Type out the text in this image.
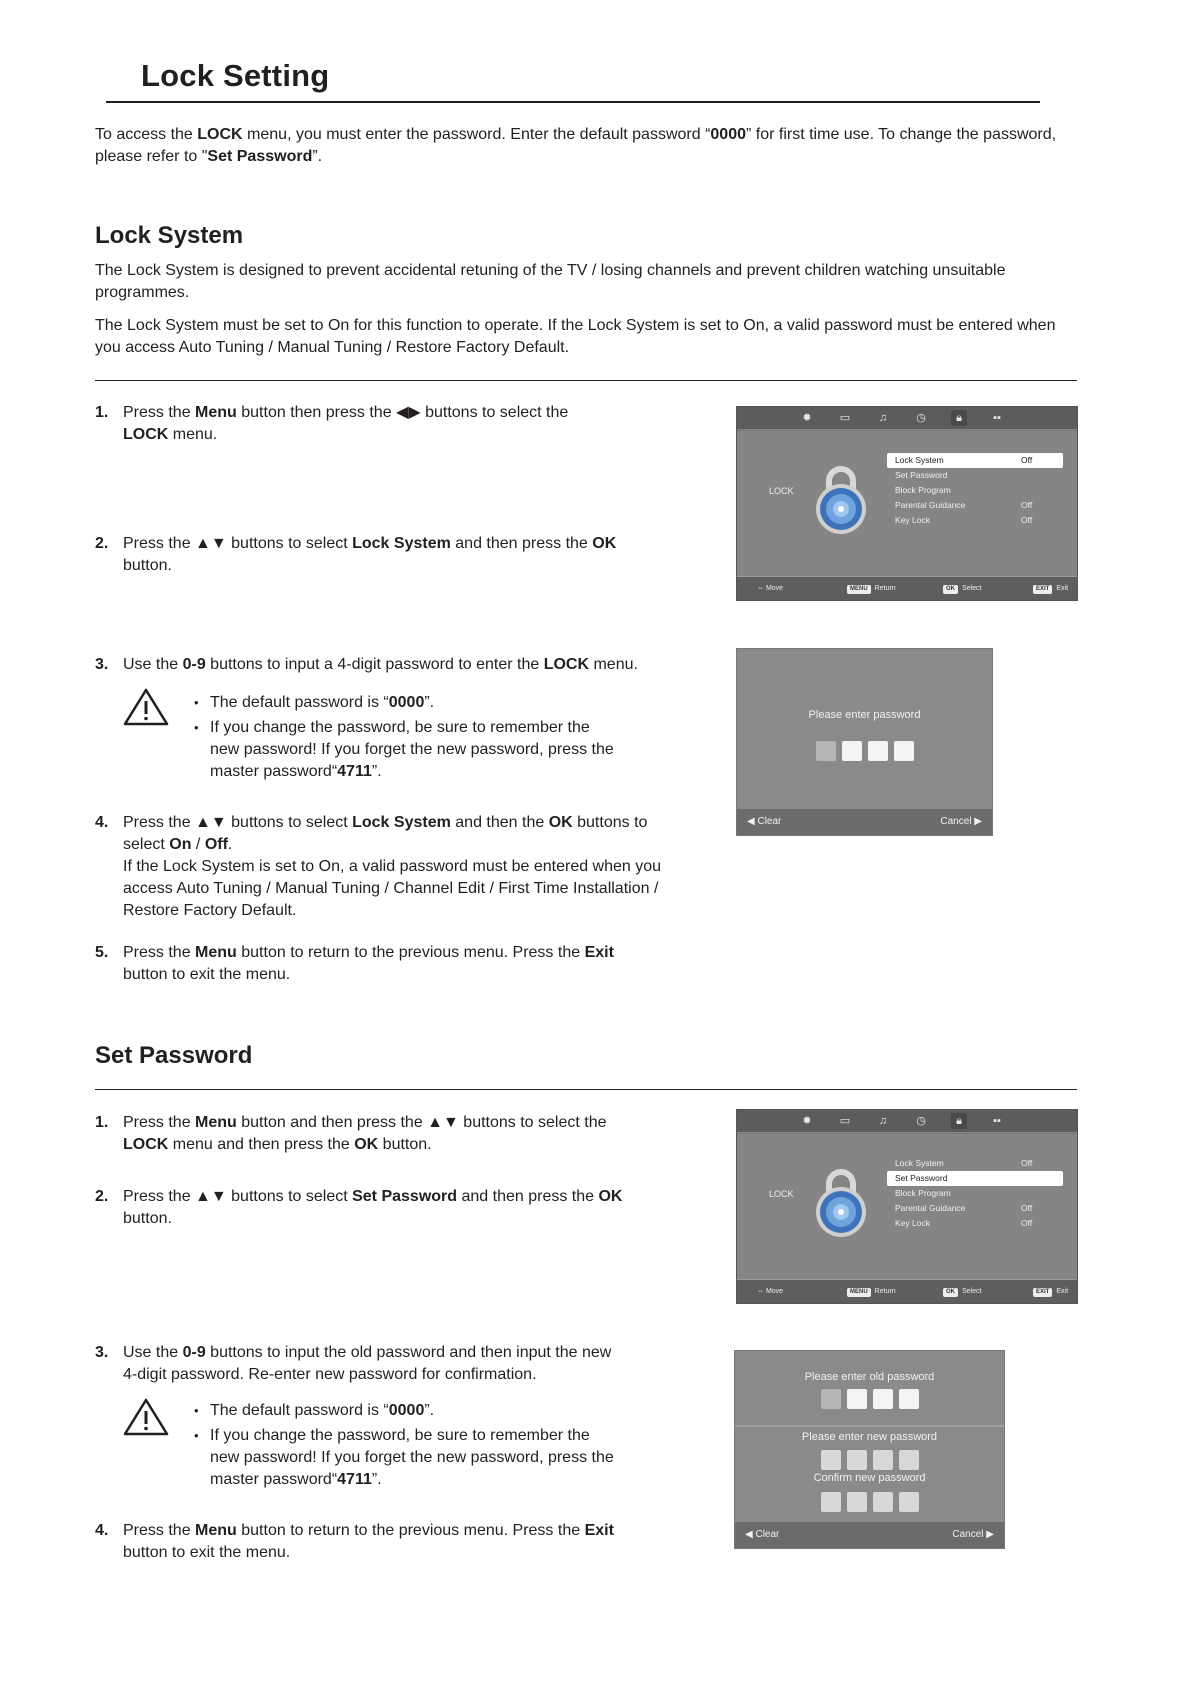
Lock Setting
To access the LOCK menu, you must enter the password. Enter the default password “0000” for first time use. To change the password, please refer to "Set Password”.
Lock System
The Lock System is designed to prevent accidental retuning of the TV / losing channels and prevent children watching unsuitable programmes.
The Lock System must be set to On for this function to operate. If the Lock System is set to On, a valid password must be entered when you access Auto Tuning / Manual Tuning / Restore Factory Default.
1. Press the Menu button then press the ◀▶ buttons to select the
LOCK menu.
2. Press the ▲▼ buttons to select Lock System and then press the OK
button.
3. Use the 0-9 buttons to input a 4-digit password to enter the LOCK menu.
• The default password is “0000”.
• If you change the password, be sure to remember the
new password! If you forget the new password, press the
master password“4711”.
4. Press the ▲▼ buttons to select Lock System and then the OK buttons to
select On / Off.
If the Lock System is set to On, a valid password must be entered when you
access Auto Tuning / Manual Tuning / Channel Edit / First Time Installation /
Restore Factory Default.
5. Press the Menu button to return to the previous menu. Press the Exit
button to exit the menu.
✹	▭	♫	◷	🔒︎	▪▪
LOCK
Lock System	Off
Set Password
Block Program
Parental Guidance	Off
Key Lock	Off
⇔ Move	MENU Return	OK Select	EXIT Exit
Please enter password
◀ Clear	Cancel ▶
Set Password
1. Press the Menu button and then press the ▲▼ buttons to select the
LOCK menu and then press the OK button.
2. Press the ▲▼ buttons to select Set Password and then press the OK
button.
3. Use the 0-9 buttons to input the old password and then input the new
4-digit password. Re-enter new password for confirmation.
• The default password is “0000”.
• If you change the password, be sure to remember the
new password! If you forget the new password, press the
master password“4711”.
4. Press the Menu button to return to the previous menu. Press the Exit
button to exit the menu.
✹	▭	♫	◷	🔒︎	▪▪
LOCK
Lock System	Off
Set Password
Block Program
Parental Guidance	Off
Key Lock	Off
⇔ Move	MENU Return	OK Select	EXIT Exit
Please enter old password
Please enter new password
Confirm new password
◀ Clear	Cancel ▶
